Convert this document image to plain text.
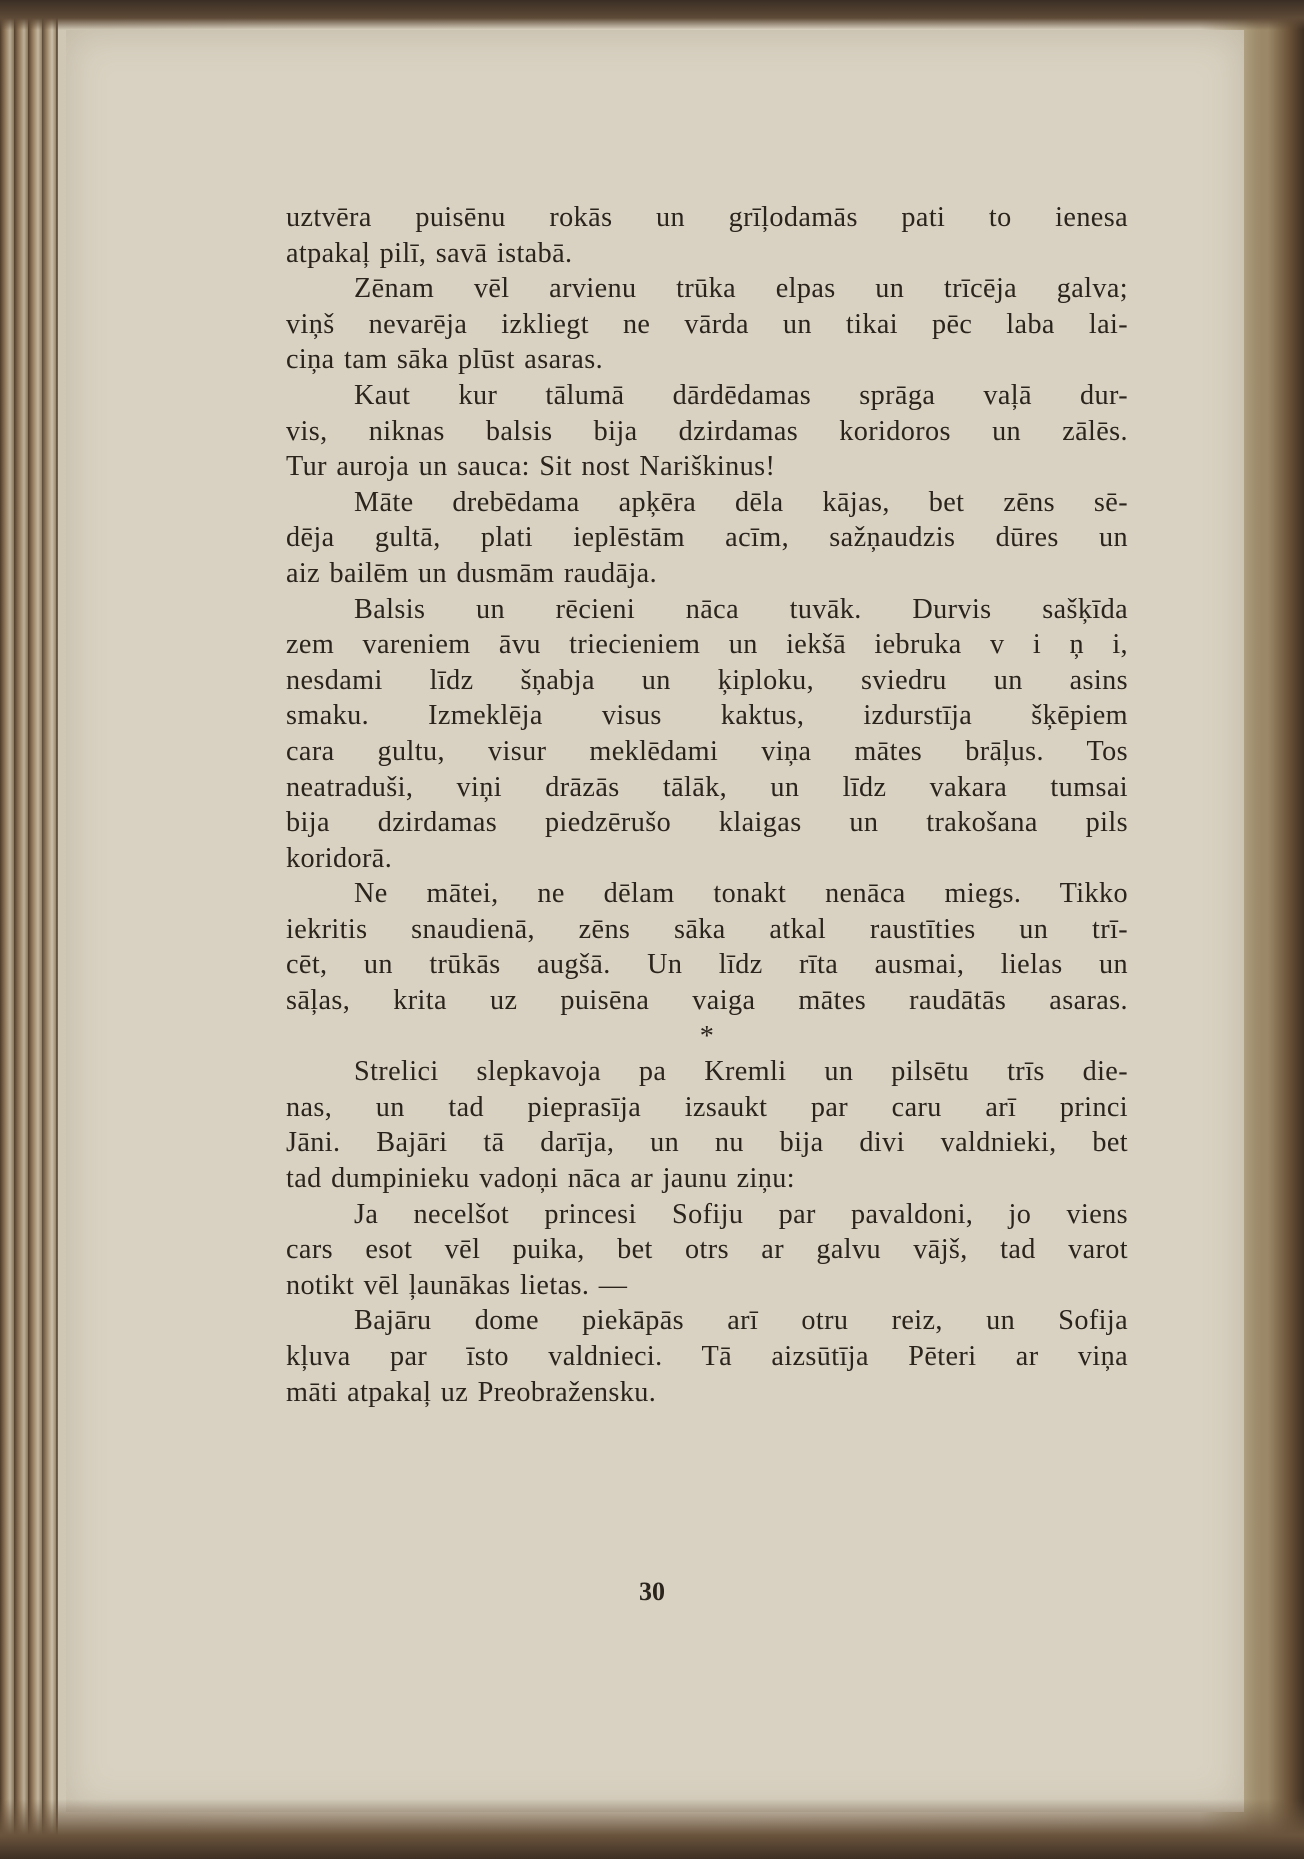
uztvēra puisēnu rokās un grīļodamās pati to ienesa
atpakaļ pilī, savā istabā.
Zēnam vēl arvienu trūka elpas un trīcēja galva;
viņš nevarēja izkliegt ne vārda un tikai pēc laba lai-
ciņa tam sāka plūst asaras.
Kaut kur tālumā dārdēdamas sprāga vaļā dur-
vis, niknas balsis bija dzirdamas koridoros un zālēs.
Tur auroja un sauca: Sit nost Nariškinus!
Māte drebēdama apķēra dēla kājas, bet zēns sē-
dēja gultā, plati ieplēstām acīm, sažņaudzis dūres un
aiz bailēm un dusmām raudāja.
Balsis un rēcieni nāca tuvāk. Durvis sašķīda
zem vareniem āvu triecieniem un iekšā iebruka v i ņ i,
nesdami līdz šņabja un ķiploku, sviedru un asins
smaku. Izmeklēja visus kaktus, izdurstīja šķēpiem
cara gultu, visur meklēdami viņa mātes brāļus. Tos
neatraduši, viņi drāzās tālāk, un līdz vakara tumsai
bija dzirdamas piedzērušo klaigas un trakošana pils
koridorā.
Ne mātei, ne dēlam tonakt nenāca miegs. Tikko
iekritis snaudienā, zēns sāka atkal raustīties un trī-
cēt, un trūkās augšā. Un līdz rīta ausmai, lielas un
sāļas, krita uz puisēna vaiga mātes raudātās asaras.
*
Strelici slepkavoja pa Kremli un pilsētu trīs die-
nas, un tad pieprasīja izsaukt par caru arī princi
Jāni. Bajāri tā darīja, un nu bija divi valdnieki, bet
tad dumpinieku vadoņi nāca ar jaunu ziņu:
Ja necelšot princesi Sofiju par pavaldoni, jo viens
cars esot vēl puika, bet otrs ar galvu vājš, tad varot
notikt vēl ļaunākas lietas. —
Bajāru dome piekāpās arī otru reiz, un Sofija
kļuva par īsto valdnieci. Tā aizsūtīja Pēteri ar viņa
māti atpakaļ uz Preobražensku.
30
